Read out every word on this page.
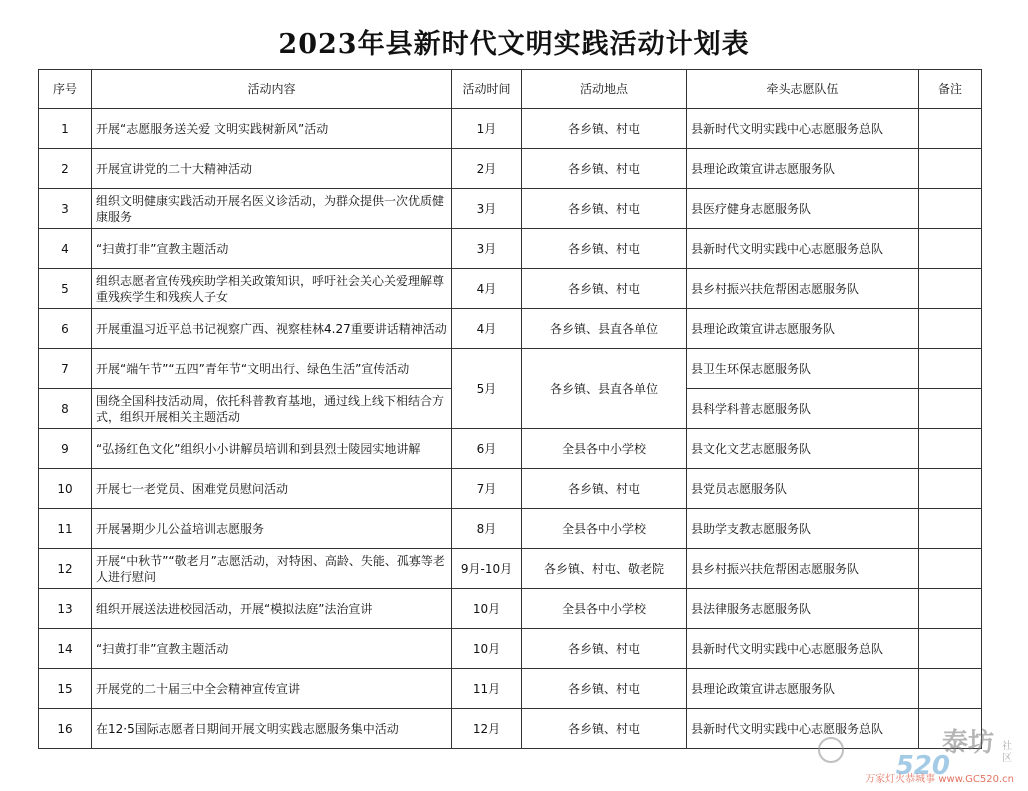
2023年县新时代文明实践活动计划表
序号	活动内容	活动时间	活动地点	牵头志愿队伍	备注
1	开展“志愿服务送关爱 文明实践树新风”活动	1月	各乡镇、村屯	县新时代文明实践中心志愿服务总队	
2	开展宣讲党的二十大精神活动	2月	各乡镇、村屯	县理论政策宣讲志愿服务队	
3	组织文明健康实践活动开展名医义诊活动，为群众提供一次优质健康服务	3月	各乡镇、村屯	县医疗健身志愿服务队	
4	“扫黄打非”宣教主题活动	3月	各乡镇、村屯	县新时代文明实践中心志愿服务总队	
5	组织志愿者宣传残疾助学相关政策知识，呼吁社会关心关爱理解尊重残疾学生和残疾人子女	4月	各乡镇、村屯	县乡村振兴扶危帮困志愿服务队	
6	开展重温习近平总书记视察广西、视察桂林4.27重要讲话精神活动	4月	各乡镇、县直各单位	县理论政策宣讲志愿服务队	
7	开展“端午节”“五四”青年节“文明出行、绿色生活”宣传活动	5月	各乡镇、县直各单位	县卫生环保志愿服务队	
8	围绕全国科技活动周，依托科普教育基地，通过线上线下相结合方式，组织开展相关主题活动			县科学科普志愿服务队	
9	“弘扬红色文化”组织小小讲解员培训和到县烈士陵园实地讲解	6月	全县各中小学校	县文化文艺志愿服务队	
10	开展七一老党员、困难党员慰问活动	7月	各乡镇、村屯	县党员志愿服务队	
11	开展暑期少儿公益培训志愿服务	8月	全县各中小学校	县助学支教志愿服务队	
12	开展“中秋节”“敬老月”志愿活动，对特困、高龄、失能、孤寡等老人进行慰问	9月-10月	各乡镇、村屯、敬老院	县乡村振兴扶危帮困志愿服务队	
13	组织开展送法进校园活动，开展“模拟法庭”法治宣讲	10月	全县各中小学校	县法律服务志愿服务队	
14	“扫黄打非”宣教主题活动	10月	各乡镇、村屯	县新时代文明实践中心志愿服务总队	
15	开展党的二十届三中全会精神宣传宣讲	11月	各乡镇、村屯	县理论政策宣讲志愿服务队	
16	在12·5国际志愿者日期间开展文明实践志愿服务集中活动	12月	各乡镇、村屯	县新时代文明实践中心志愿服务总队	泰坊
520
社区
万家灯火恭城事 www.GC520.cn
